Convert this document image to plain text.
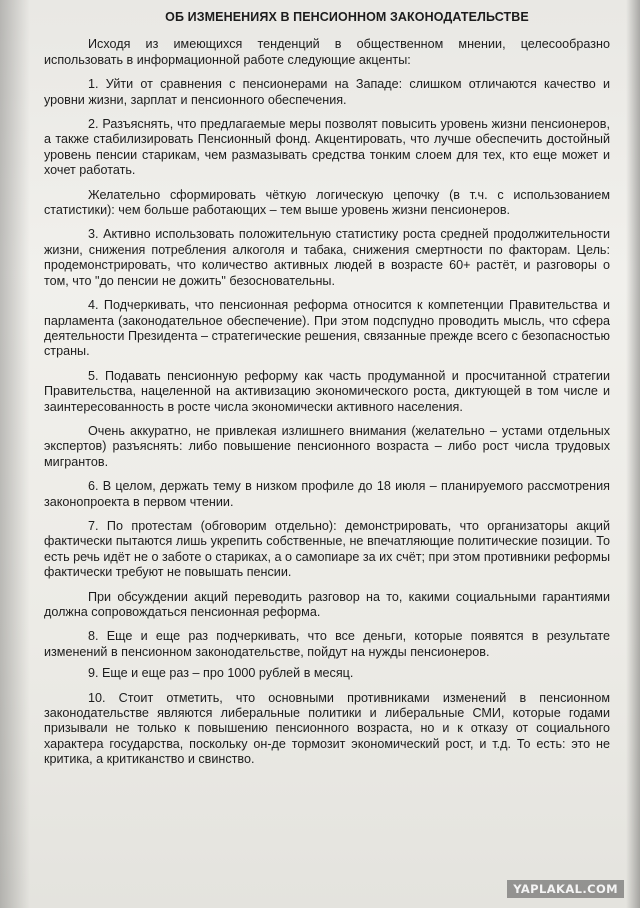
ОБ ИЗМЕНЕНИЯХ В ПЕНСИОННОМ ЗАКОНОДАТЕЛЬСТВЕ

Исходя из имеющихся тенденций в общественном мнении, целесообразно использовать в информационной работе следующие акценты:

1. Уйти от сравнения с пенсионерами на Западе: слишком отличаются качество и уровни жизни, зарплат и пенсионного обеспечения.

2. Разъяснять, что предлагаемые меры позволят повысить уровень жизни пенсионеров, а также стабилизировать Пенсионный фонд. Акцентировать, что лучше обеспечить достойный уровень пенсии старикам, чем размазывать средства тонким слоем для тех, кто еще может и хочет работать.

Желательно сформировать чёткую логическую цепочку (в т.ч. с использованием статистики): чем больше работающих – тем выше уровень жизни пенсионеров.

3. Активно использовать положительную статистику роста средней продолжительности жизни, снижения потребления алкоголя и табака, снижения смертности по факторам. Цель: продемонстрировать, что количество активных людей в возрасте 60+ растёт, и разговоры о том, что "до пенсии не дожить" безосновательны.

4. Подчеркивать, что пенсионная реформа относится к компетенции Правительства и парламента (законодательное обеспечение). При этом подспудно проводить мысль, что сфера деятельности Президента – стратегические решения, связанные прежде всего с безопасностью страны.

5. Подавать пенсионную реформу как часть продуманной и просчитанной стратегии Правительства, нацеленной на активизацию экономического роста, диктующей в том числе и заинтересованность в росте числа экономически активного населения.

Очень аккуратно, не привлекая излишнего внимания (желательно – устами отдельных экспертов) разъяснять: либо повышение пенсионного возраста – либо рост числа трудовых мигрантов.

6. В целом, держать тему в низком профиле до 18 июля – планируемого рассмотрения законопроекта в первом чтении.

7. По протестам (обговорим отдельно): демонстрировать, что организаторы акций фактически пытаются лишь укрепить собственные, не впечатляющие политические позиции. То есть речь идёт не о заботе о стариках, а о самопиаре за их счёт; при этом противники реформы фактически требуют не повышать пенсии.

При обсуждении акций переводить разговор на то, какими социальными гарантиями должна сопровождаться пенсионная реформа.

8. Еще и еще раз подчеркивать, что все деньги, которые появятся в результате изменений в пенсионном законодательстве, пойдут на нужды пенсионеров.

9. Еще и еще раз – про 1000 рублей в месяц.

10. Стоит отметить, что основными противниками изменений в пенсионном законодательстве являются либеральные политики и либеральные СМИ, которые годами призывали не только к повышению пенсионного возраста, но и к отказу от социального характера государства, поскольку он-де тормозит экономический рост, и т.д. То есть: это не критика, а критиканство и свинство.

YAPLAKAL.COM
